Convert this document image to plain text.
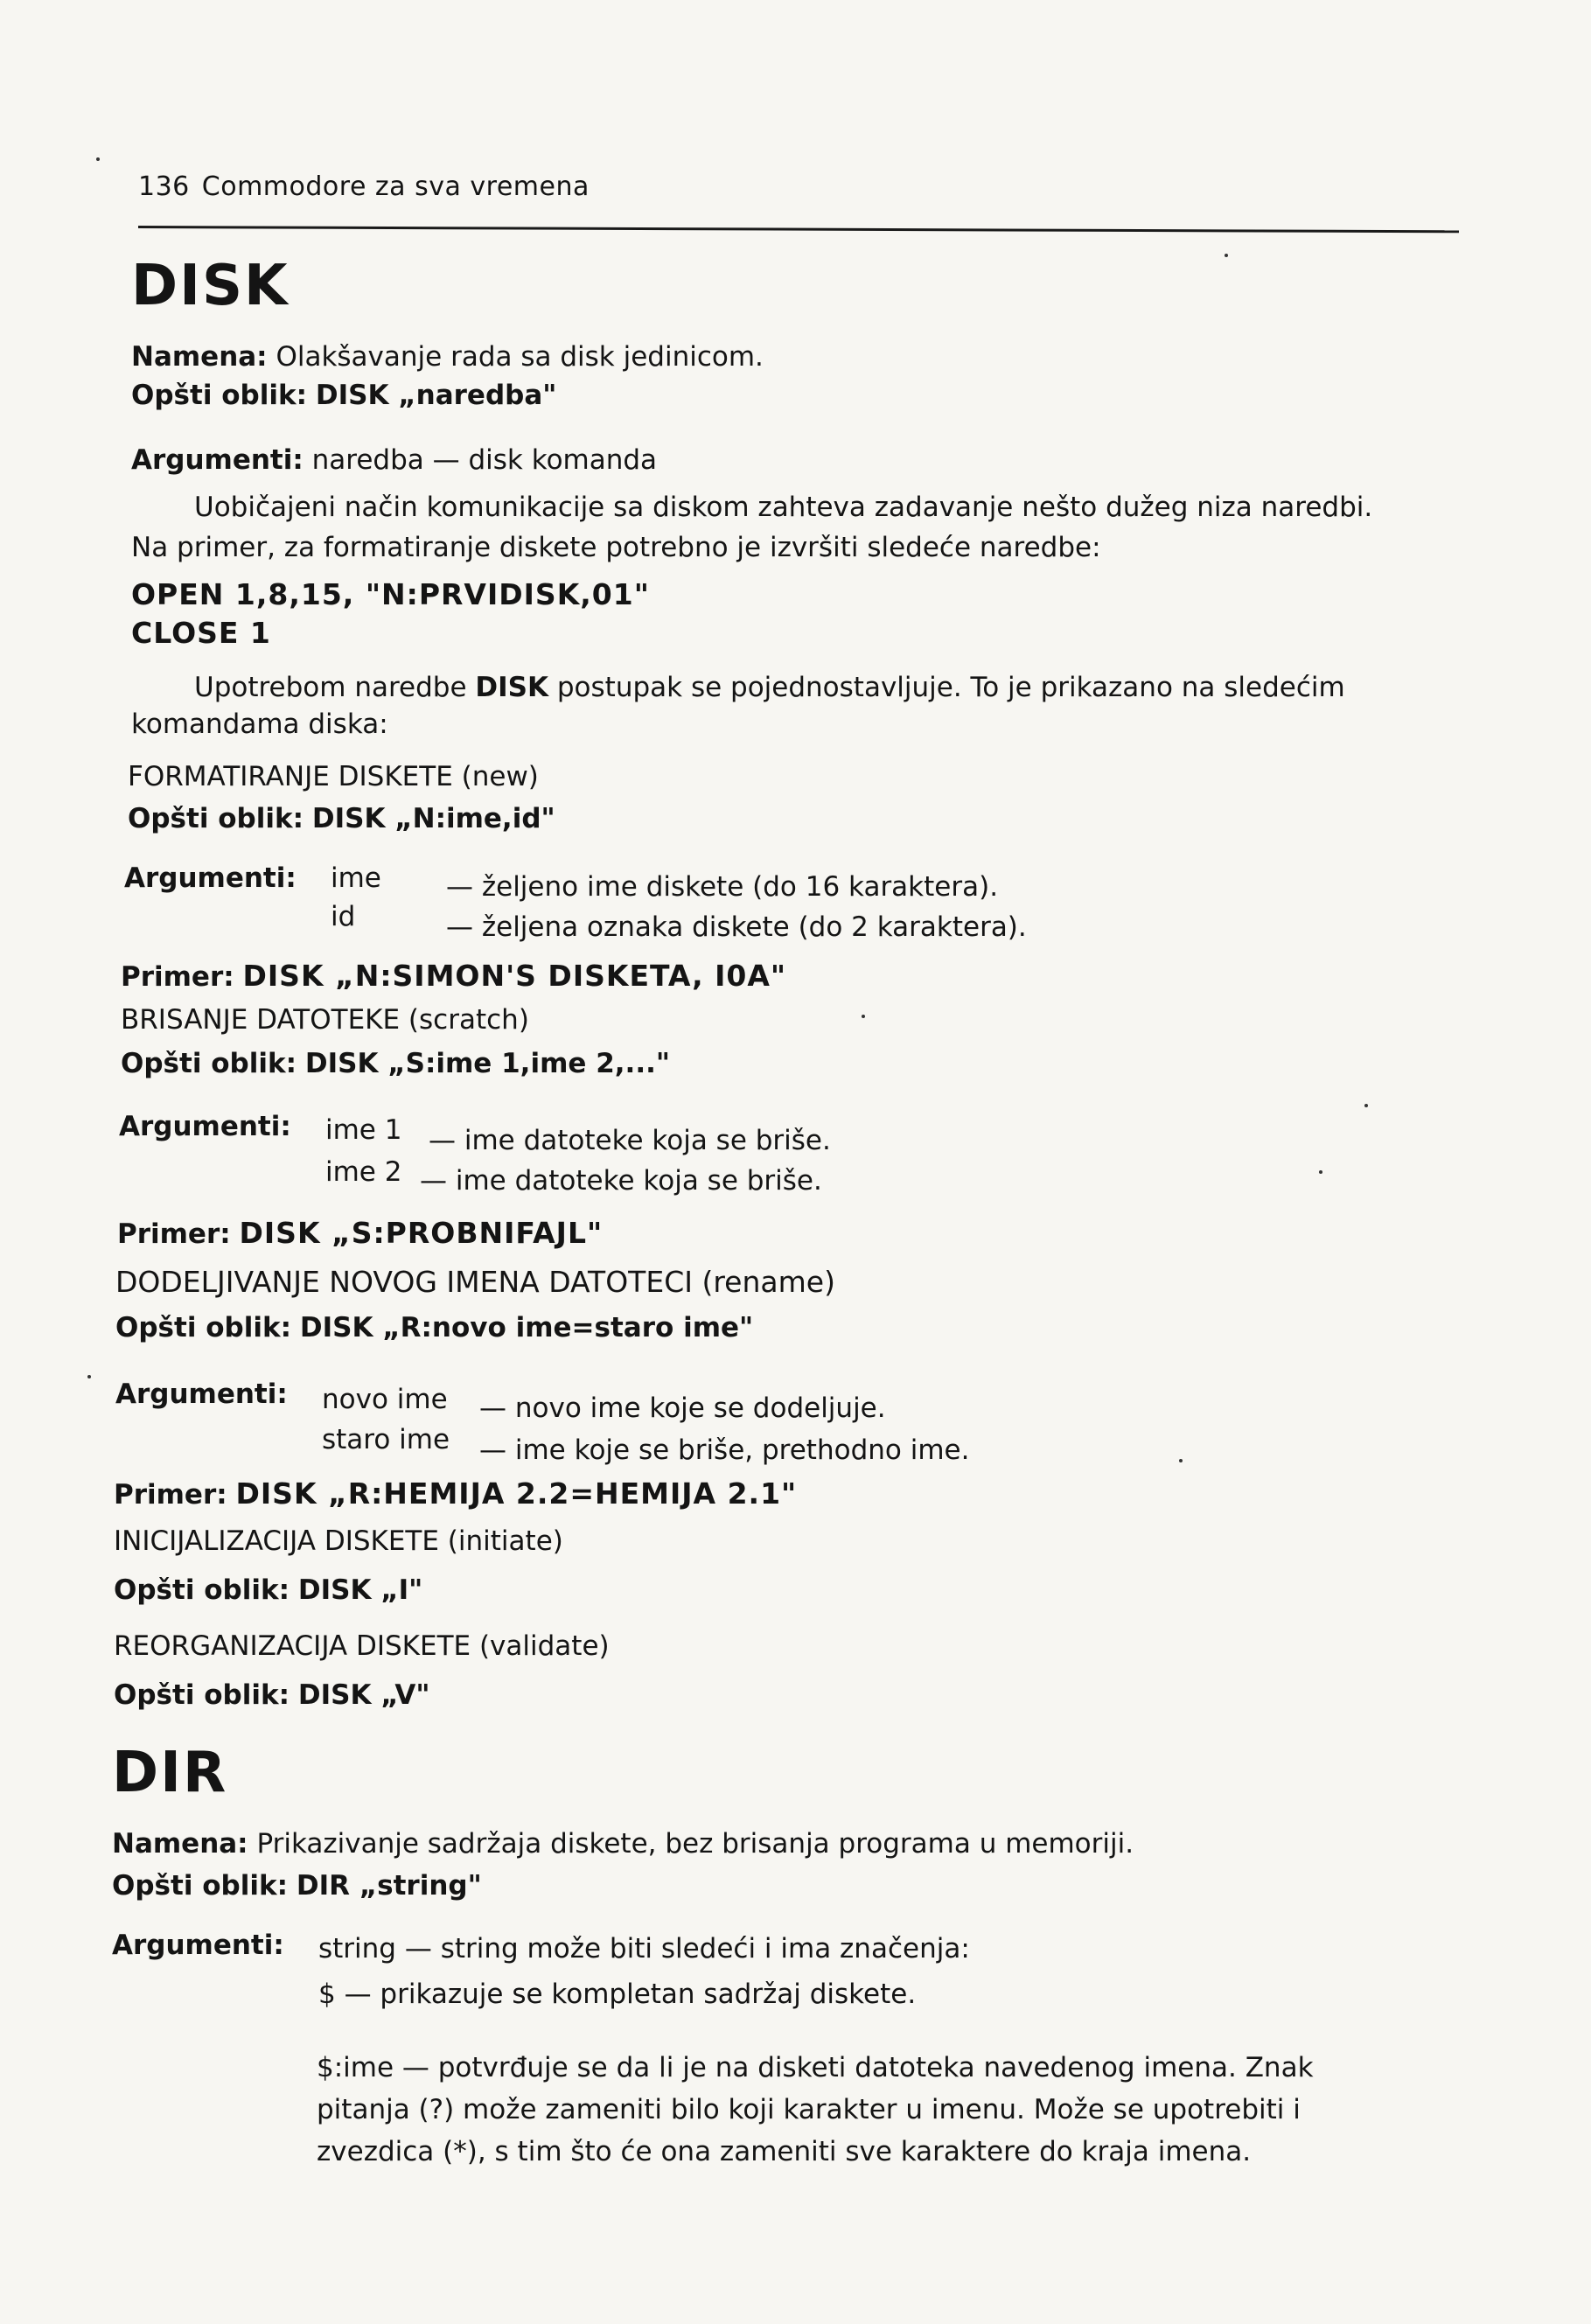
136 Commodore za sva vremena
DISK
Namena: Olakšavanje rada sa disk jedinicom.
Opšti oblik: DISK „naredba"
Argumenti: naredba — disk komanda
Uobičajeni način komunikacije sa diskom zahteva zadavanje nešto dužeg niza naredbi.
Na primer, za formatiranje diskete potrebno je izvršiti sledeće naredbe:
OPEN 1,8,15, "N:PRVIDISK,01"
CLOSE 1
Upotrebom naredbe DISK postupak se pojednostavljuje. To je prikazano na sledećim
komandama diska:
FORMATIRANJE DISKETE (new)
Opšti oblik: DISK „N:ime,id"
Argumenti: ime — željeno ime diskete (do 16 karaktera).
id	— željena oznaka diskete (do 2 karaktera).
Primer: DISK „N:SIMON'S DISKETA, I0A"
BRISANJE DATOTEKE (scratch)
Opšti oblik: DISK „S:ime 1,ime 2,..."
Argumenti: ime 1 — ime datoteke koja se briše.
ime 2 — ime datoteke koja se briše.
Primer: DISK „S:PROBNIFAJL"
DODELJIVANJE NOVOG IMENA DATOTECI (rename)
Opšti oblik: DISK „R:novo ime=staro ime"
Argumenti: novo ime — novo ime koje se dodeljuje.
staro ime — ime koje se briše, prethodno ime.
Primer: DISK „R:HEMIJA 2.2=HEMIJA 2.1"
INICIJALIZACIJA DISKETE (initiate)
Opšti oblik: DISK „I"
REORGANIZACIJA DISKETE (validate)
Opšti oblik: DISK „V"
DIR
Namena: Prikazivanje sadržaja diskete, bez brisanja programa u memoriji.
Opšti oblik: DIR „string"
Argumenti: string — string može biti sledeći i ima značenja:
$ — prikazuje se kompletan sadržaj diskete.
$:ime — potvrđuje se da li je na disketi datoteka navedenog imena. Znak
pitanja (?) može zameniti bilo koji karakter u imenu. Može se upotrebiti i
zvezdica (*), s tim što će ona zameniti sve karaktere do kraja imena.
